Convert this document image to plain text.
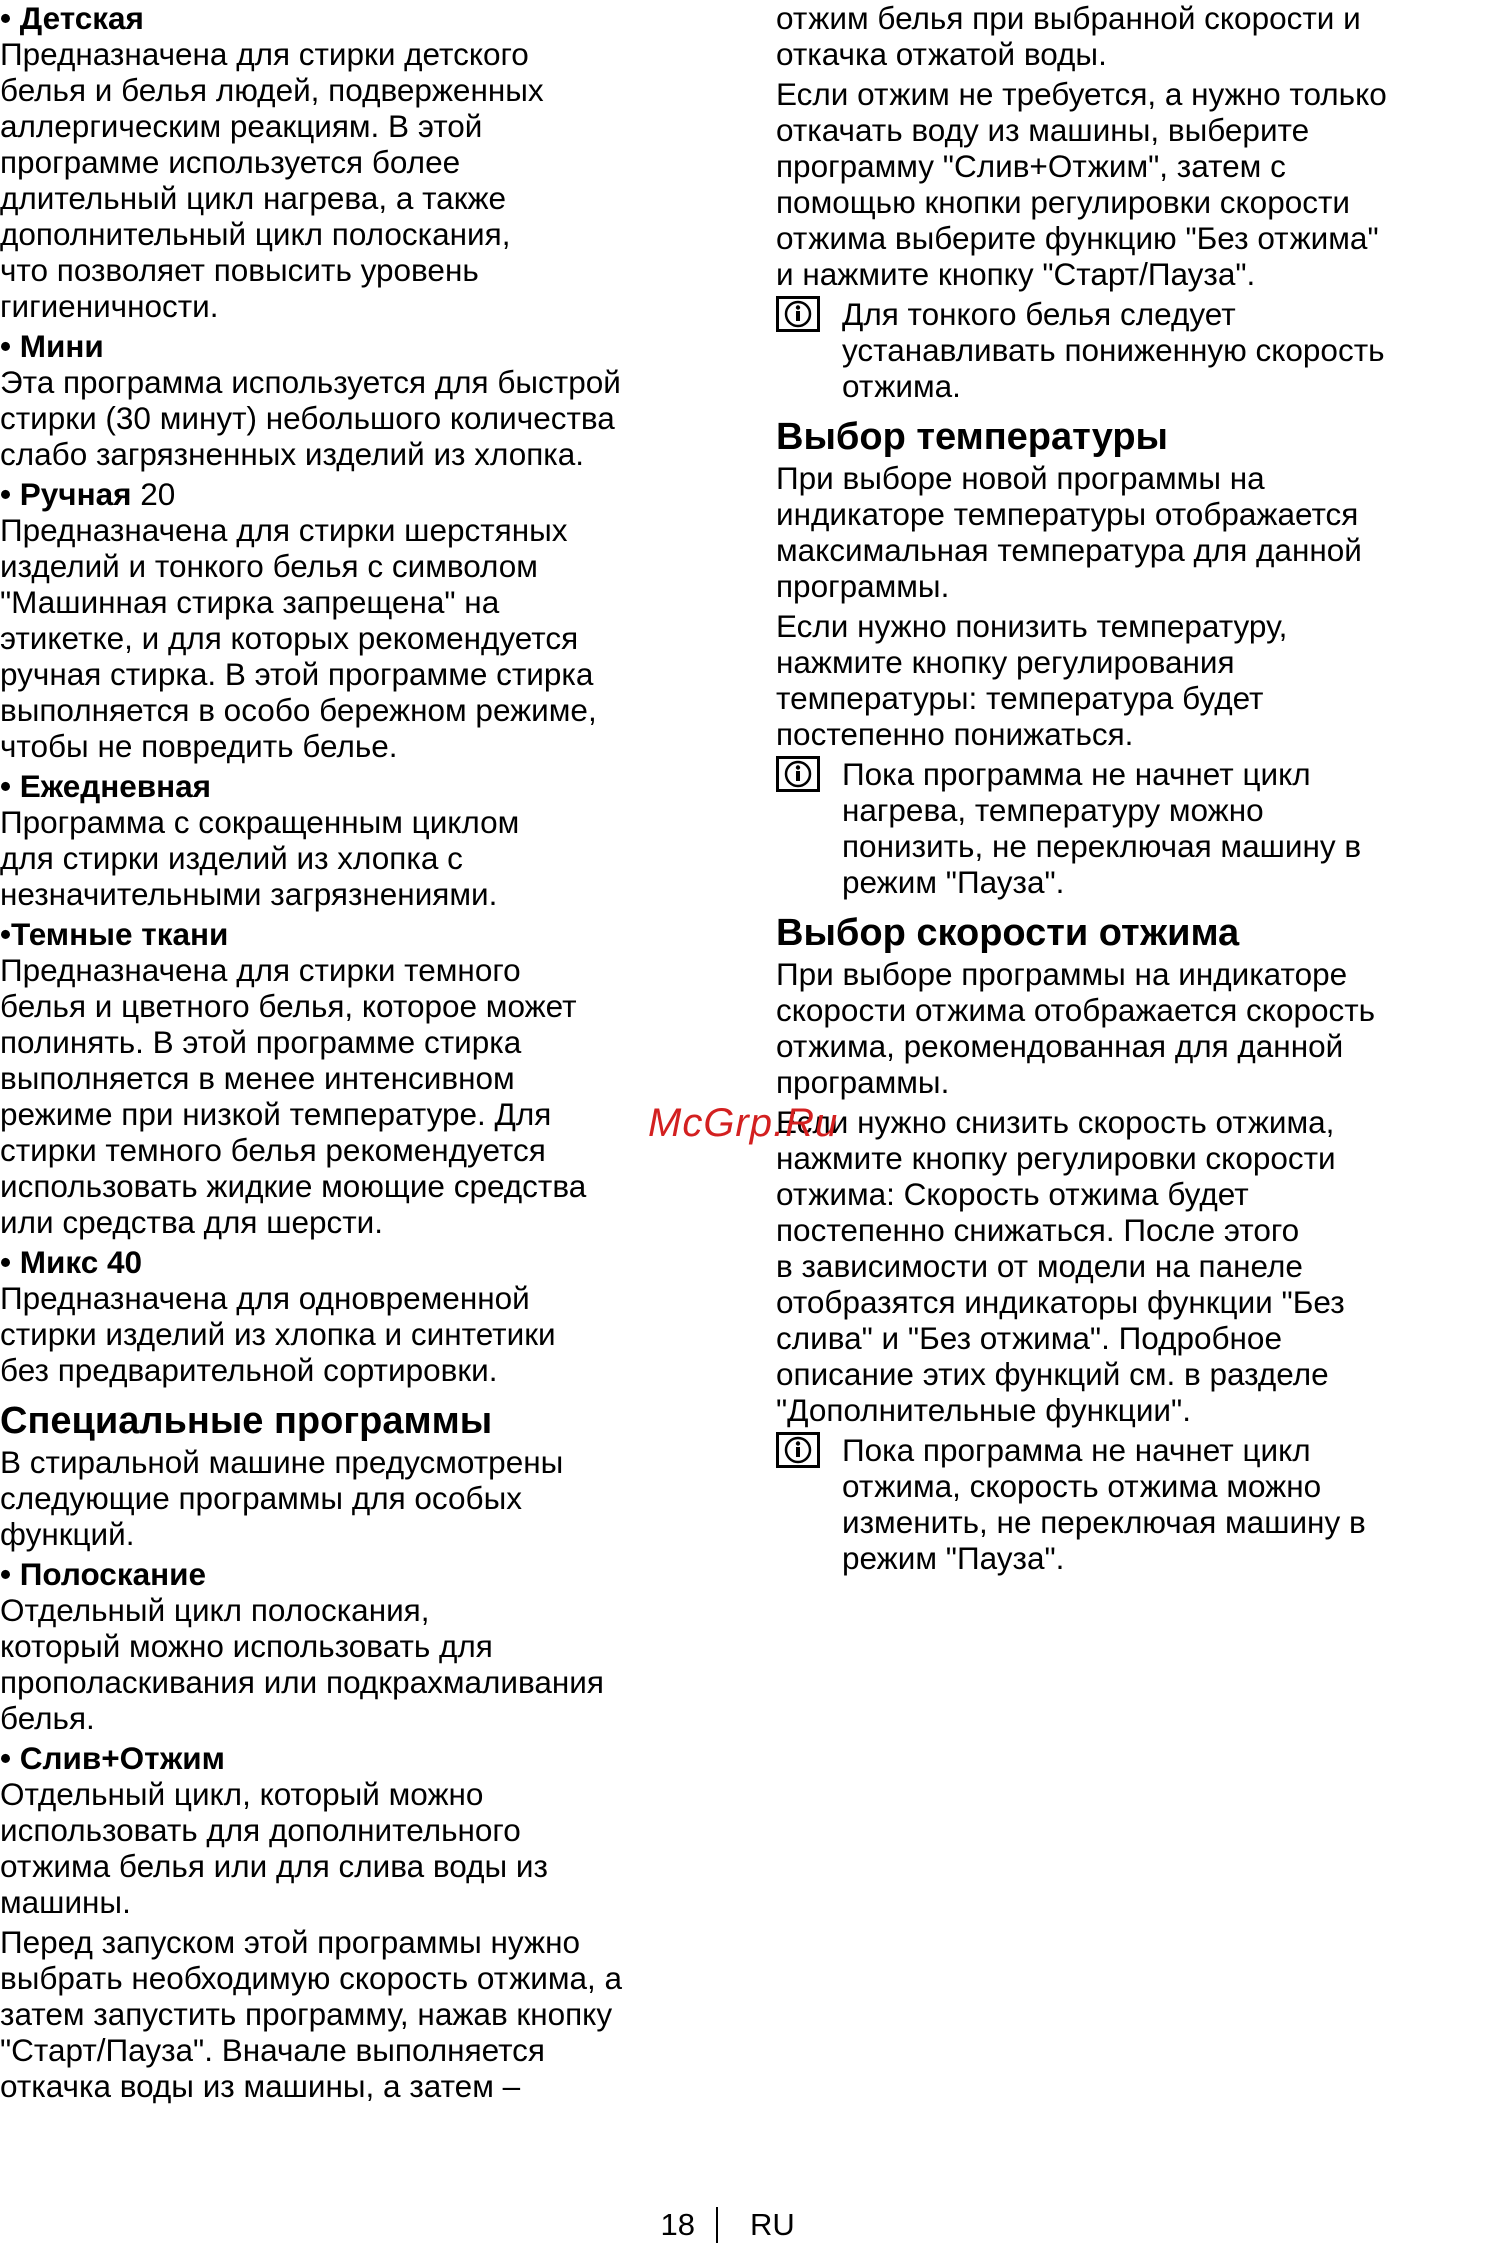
• Детская

Предназначена для стирки детского

белья и белья людей, подверженных

аллергическим реакциям. В этой

программе используется более

длительный цикл нагрева, а также

дополнительный цикл полоскания,

что позволяет повысить уровень

гигиеничности.

• Мини

Эта программа используется для быстрой

стирки (30 минут) небольшого количества

слабо загрязненных изделий из хлопка.

• Ручная 20

Предназначена для стирки шерстяных

изделий и тонкого белья с символом

"Машинная стирка запрещена" на

этикетке, и для которых рекомендуется

ручная стирка. В этой программе стирка

выполняется в особо бережном режиме,

чтобы не повредить белье.

• Ежедневная

Программа с сокращенным циклом

для стирки изделий из хлопка с

незначительными загрязнениями.

•Темные ткани

Предназначена для стирки темного

белья и цветного белья, которое может

полинять. В этой программе стирка

выполняется в менее интенсивном

режиме при низкой температуре. Для

стирки темного белья рекомендуется

использовать жидкие моющие средства

или средства для шерсти.

• Микс 40

Предназначена для одновременной

стирки изделий из хлопка и синтетики

без предварительной сортировки.

Специальные программы

В стиральной машине предусмотрены

следующие программы для особых

функций.

• Полоскание

Отдельный цикл полоскания,

который можно использовать для

прополаскивания или подкрахмаливания

белья.

• Слив+Отжим

Отдельный цикл, который можно

использовать для дополнительного

отжима белья или для слива воды из

машины.

Перед запуском этой программы нужно

выбрать необходимую скорость отжима, а

затем запустить программу, нажав кнопку

"Старт/Пауза". Вначале выполняется

откачка воды из машины, а затем –

отжим белья при выбранной скорости и

откачка отжатой воды.

Если отжим не требуется, а нужно только

откачать воду из машины, выберите

программу "Слив+Отжим", затем с

помощью кнопки регулировки скорости

отжима выберите функцию "Без отжима"

и нажмите кнопку "Старт/Пауза".

Для тонкого белья следует

устанавливать пониженную скорость

отжима.

Выбор температуры

При выборе новой программы на

индикаторе температуры отображается

максимальная температура для данной

программы.

Если нужно понизить температуру,

нажмите кнопку регулирования

температуры: температура будет

постепенно понижаться.

Пока программа не начнет цикл

нагрева, температуру можно

понизить, не переключая машину в

режим "Пауза".

Выбор скорости отжима

При выборе программы на индикаторе

скорости отжима отображается скорость

отжима, рекомендованная для данной

программы.

Если нужно снизить скорость отжима,

нажмите кнопку регулировки скорости

отжима: Скорость отжима будет

постепенно снижаться. После этого

в зависимости от модели на панеле

отобразятся индикаторы функции "Без

слива" и "Без отжима". Подробное

описание этих функций см. в разделе

"Дополнительные функции".

Пока программа не начнет цикл

отжима, скорость отжима можно

изменить, не переключая машину в

режим "Пауза".

McGrp.Ru
18 RU
